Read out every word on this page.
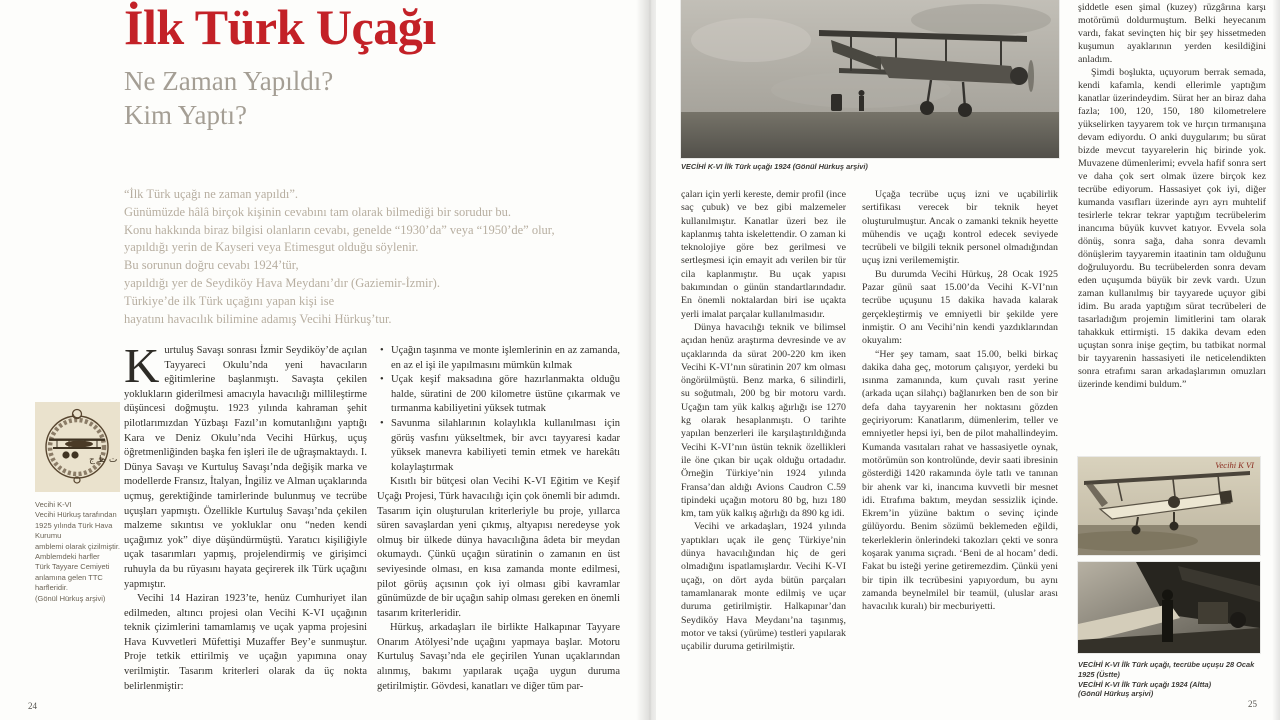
İlk Türk Uçağı
Ne Zaman Yapıldı?
Kim Yaptı?
“İlk Türk uçağı ne zaman yapıldı”.
Günümüzde hâlâ birçok kişinin cevabını tam olarak bilmediği bir sorudur bu.
Konu hakkında biraz bilgisi olanların cevabı, genelde “1930’da” veya “1950’de” olur,
yapıldığı yerin de Kayseri veya Etimesgut olduğu söylenir.
Bu sorunun doğru cevabı 1924’tür,
yapıldığı yer de Seydiköy Hava Meydanı’dır (Gaziemir-İzmir).
Türkiye’de ilk Türk uçağını yapan kişi ise
hayatını havacılık bilimine adamış Vecihi Hürkuş’tur.
ت ط ج
Vecihi K-VI
Vecihi Hürkuş tarafından
1925 yılında Türk Hava Kurumu
amblemi olarak çizilmiştir.
Amblemdeki harfler
Türk Tayyare Cemiyeti
anlamına gelen TTC harfleridir.
(Gönül Hürkuş arşivi)

Kurtuluş Savaşı sonrası İzmir Seydiköy’de açılan Tayyareci Okulu’nda yeni havacıların eğitimlerine başlanmıştı. Savaşta çekilen yoklukların giderilmesi amacıyla havacılığı millileştirme düşüncesi doğmuştu. 1923 yılında kahraman şehit pilotlarımızdan Yüzbaşı Fazıl’ın komutanlığını yaptığı Kara ve Deniz Okulu’nda Vecihi Hürkuş, uçuş öğretmenliğinden başka fen işleri ile de uğraşmaktaydı. I. Dünya Savaşı ve Kurtuluş Savaşı’nda değişik marka ve modellerde Fransız, İtalyan, İngiliz ve Alman uçaklarında uçmuş, gerektiğinde tamirlerinde bulunmuş ve tecrübe uçuşları yapmıştı. Özellikle Kurtuluş Savaşı’nda çekilen malzeme sıkıntısı ve yokluklar onu “neden kendi uçağımız yok” diye düşündürmüştü. Yaratıcı kişiliğiyle uçak tasarımları yapmış, projelendirmiş ve girişimci ruhuyla da bu rüyasını hayata geçirerek ilk Türk uçağını yapmıştır.

Vecihi 14 Haziran 1923’te, henüz Cumhuriyet ilan edilmeden, altıncı projesi olan Vecihi K-VI uçağının teknik çizimlerini tamamlamış ve uçak yapma projesini Hava Kuvvetleri Müfettişi Muzaffer Bey’e sunmuştur. Proje tetkik ettirilmiş ve uçağın yapımına onay verilmiştir. Tasarım kriterleri olarak da üç nokta belirlenmiştir:

• Uçağın taşınma ve monte işlemlerinin en az zamanda, en az el işi ile yapılmasını mümkün kılmak
• Uçak keşif maksadına göre hazırlanmakta olduğu halde, süratini de 200 kilometre üstüne çıkarmak ve tırmanma kabiliyetini yüksek tutmak
• Savunma silahlarının kolaylıkla kullanılması için görüş vasfını yükseltmek, bir avcı tayyaresi kadar yüksek manevra kabiliyeti temin etmek ve harekâtı kolaylaştırmak

Kısıtlı bir bütçesi olan Vecihi K-VI Eğitim ve Keşif Uçağı Projesi, Türk havacılığı için çok önemli bir adımdı. Tasarım için oluşturulan kriterleriyle bu proje, yıllarca süren savaşlardan yeni çıkmış, altyapısı neredeyse yok olmuş bir ülkede dünya havacılığına âdeta bir meydan okumaydı. Çünkü uçağın süratinin o zamanın en üst seviyesinde olması, en kısa zamanda monte edilmesi, pilot görüş açısının çok iyi olması gibi kavramlar günümüzde de bir uçağın sahip olması gereken en önemli tasarım kriterleridir.

Hürkuş, arkadaşları ile birlikte Halkapınar Tayyare Onarım Atölyesi’nde uçağını yapmaya başlar. Motoru Kurtuluş Savaşı’nda ele geçirilen Yunan uçaklarından alınmış, bakımı yapılarak uçağa uygun duruma getirilmiştir. Gövdesi, kanatları ve diğer tüm par-

24
VECİHİ K-VI İlk Türk uçağı 1924 (Gönül Hürkuş arşivi)

çaları için yerli kereste, demir profil (ince saç çubuk) ve bez gibi malzemeler kullanılmıştır. Kanatlar üzeri bez ile kaplanmış tahta iskelettendir. O zaman ki teknolojiye göre bez gerilmesi ve sertleşmesi için emayit adı verilen bir tür cila kaplanmıştır. Bu uçak yapısı bakımından o günün standartlarındadır. En önemli noktalardan biri ise uçakta yerli imalat parçalar kullanılmasıdır.

Dünya havacılığı teknik ve bilimsel açıdan henüz araştırma devresinde ve av uçaklarında da sürat 200-220 km iken Vecihi K-VI’nın süratinin 207 km olması öngörülmüştü. Benz marka, 6 silindirli, su soğutmalı, 200 bg bir motoru vardı. Uçağın tam yük kalkış ağırlığı ise 1270 kg olarak hesaplanmıştı. O tarihte yapılan benzerleri ile karşılaştırıldığında Vecihi K-VI’nın üstün teknik özellikleri ile öne çıkan bir uçak olduğu ortadadır. Örneğin Türkiye’nin 1924 yılında Fransa’dan aldığı Avions Caudron C.59 tipindeki uçağın motoru 80 bg, hızı 180 km, tam yük kalkış ağırlığı da 890 kg idi.

Vecihi ve arkadaşları, 1924 yılında yaptıkları uçak ile genç Türkiye’nin dünya havacılığından hiç de geri olmadığını ispatlamışlardır. Vecihi K-VI uçağı, on dört ayda bütün parçaları tamamlanarak monte edilmiş ve uçar duruma getirilmiştir. Halkapınar’dan Seydiköy Hava Meydanı’na taşınmış, motor ve taksi (yürüme) testleri yapılarak uçabilir duruma getirilmiştir.

Uçağa tecrübe uçuş izni ve uçabilirlik sertifikası verecek bir teknik heyet oluşturulmuştur. Ancak o zamanki teknik heyette mühendis ve uçağı kontrol edecek seviyede tecrübeli ve bilgili teknik personel olmadığından uçuş izni verilememiştir.

Bu durumda Vecihi Hürkuş, 28 Ocak 1925 Pazar günü saat 15.00’da Vecihi K-VI’nın tecrübe uçuşunu 15 dakika havada kalarak gerçekleştirmiş ve emniyetli bir şekilde yere inmiştir. O anı Vecihi’nin kendi yazdıklarından okuyalım:

“Her şey tamam, saat 15.00, belki birkaç dakika daha geç, motorum çalışıyor, yerdeki bu ısınma zamanında, kum çuvalı rasıt yerine (arkada uçan silahçı) bağlanırken ben de son bir defa daha tayyarenin her noktasını gözden geçiriyorum: Kanatlarım, dümenlerim, teller ve emniyetler hepsi iyi, ben de pilot mahallindeyim. Kumanda vasıtaları rahat ve hassasiyetle oynak, motörümün son kontrolünde, devir saati ibresinin gösterdiği 1420 rakamında öyle tatlı ve tanınan bir ahenk var ki, inancıma kuvvetli bir mesnet idi. Etrafıma baktım, meydan sessizlik içinde. Ekrem’in yüzüne baktım o sevinç içinde gülüyordu. Benim sözümü beklemeden eğildi, tekerleklerin önlerindeki takozları çekti ve sonra koşarak yanıma sıçradı. ‘Beni de al hocam’ dedi. Fakat bu isteği yerine getiremezdim. Çünkü yeni bir tipin ilk tecrübesini yapıyordum, bu aynı zamanda beynelmilel bir teamül, (uluslar arası havacılık kuralı) bir mecburiyetti.

şiddetle esen şimal (kuzey) rüzgârına karşı motörümü doldurmuştum. Belki heyecanım vardı, fakat sevinçten hiç bir şey hissetmeden kuşumun ayaklarının yerden kesildiğini anladım.

Şimdi boşlukta, uçuyorum berrak semada, kendi kafamla, kendi ellerimle yaptığım kanatlar üzerindeydim. Sürat her an biraz daha fazla; 100, 120, 150, 180 kilometrelere yükselirken tayyarem tok ve hırçın tırmanışına devam ediyordu. O anki duygularım; bu sürat bizde mevcut tayyarelerin hiç birinde yok. Muvazene dümenlerimi; evvela hafif sonra sert ve daha çok sert olmak üzere birçok kez tecrübe ediyorum. Hassasiyet çok iyi, diğer kumanda vasıfları üzerinde ayrı ayrı muhtelif tesirlerle tekrar tekrar yaptığım tecrübelerim inancıma büyük kuvvet katıyor. Evvela sola dönüş, sonra sağa, daha sonra devamlı dönüşlerim tayyaremin itaatinin tam olduğunu doğruluyordu. Bu tecrübelerden sonra devam eden uçuşumda büyük bir zevk vardı. Uzun zaman kullanılmış bir tayyarede uçuyor gibi idim. Bu arada yaptığım sürat tecrübeleri de tasarladığım projemin limitlerini tam olarak tahakkuk ettirmişti. 15 dakika devam eden uçuştan sonra inişe geçtim, bu tatbikat normal bir tayyarenin hassasiyeti ile neticelendikten sonra etrafımı saran arkadaşlarımın omuzları üzerinde kendimi buldum.”

Vecihi K VI
VECİHİ K-VI İlk Türk uçağı, tecrübe uçuşu 28 Ocak 1925 (Üstte)
VECİHİ K-VI İlk Türk uçağı 1924 (Altta)
(Gönül Hürkuş arşivi)
25
